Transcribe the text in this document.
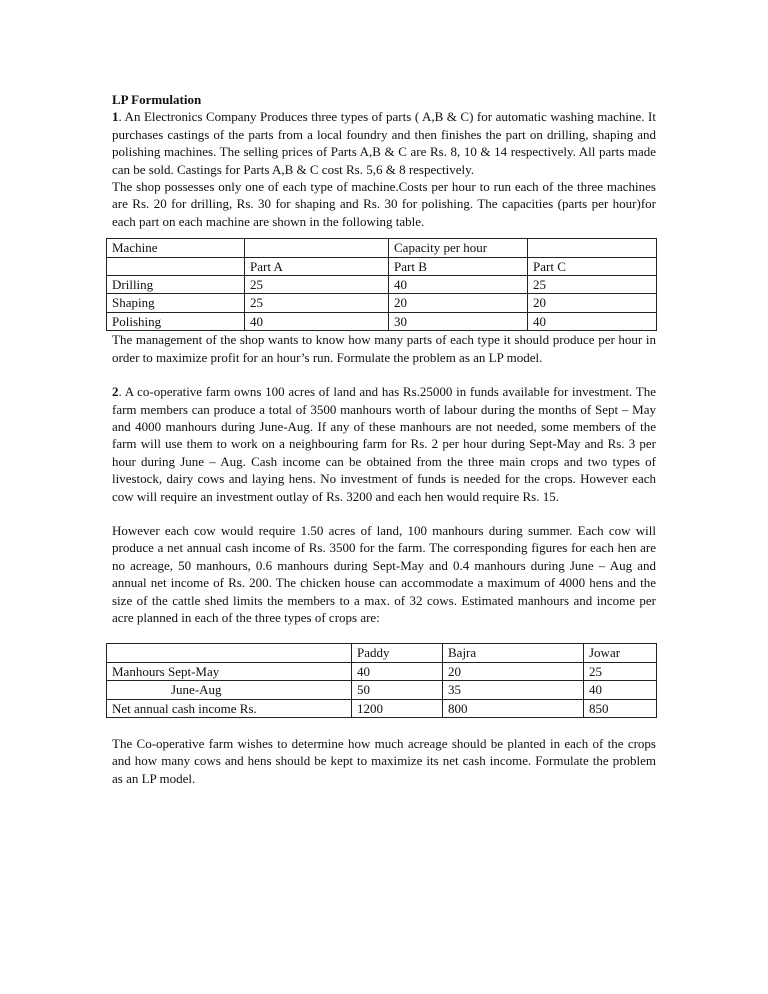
LP Formulation

1. An Electronics Company Produces three types of parts ( A,B & C) for automatic washing machine. It purchases castings of the parts from a local foundry and then finishes the part on drilling, shaping and polishing machines. The selling prices of Parts A,B & C are Rs. 8, 10 & 14 respectively. All parts made can be sold. Castings for Parts A,B & C cost Rs. 5,6 & 8 respectively.

The shop possesses only one of each type of machine.Costs per hour to run each of the three machines are Rs. 20 for drilling, Rs. 30 for shaping and Rs. 30 for polishing. The capacities (parts per hour)for each part on each machine are shown in the following table.

Machine		Capacity per hour	
	Part A	Part B	Part C
Drilling	25	40	25
Shaping	25	20	20
Polishing	40	30	40

The management of the shop wants to know how many parts of each type it should produce per hour in order to maximize profit for an hour’s run. Formulate the problem as an LP model.

2. A co-operative farm owns 100 acres of land and has Rs.25000 in funds available for investment. The farm members can produce a total of 3500 manhours worth of labour during the months of Sept – May and 4000 manhours during June-Aug. If any of these manhours are not needed, some members of the farm will use them to work on a neighbouring farm for Rs. 2 per hour during Sept-May and Rs. 3 per hour during June – Aug. Cash income can be obtained from the three main crops and two types of livestock, dairy cows and laying hens. No investment of funds is needed for the crops. However each cow will require an investment outlay of Rs. 3200 and each hen would require Rs. 15.

However each cow would require 1.50 acres of land, 100 manhours during summer. Each cow will produce a net annual cash income of Rs. 3500 for the farm. The corresponding figures for each hen are no acreage, 50 manhours, 0.6 manhours during Sept-May and 0.4 manhours during June – Aug and annual net income of Rs. 200. The chicken house can accommodate a maximum of 4000 hens and the size of the cattle shed limits the members to a max. of 32 cows. Estimated manhours and income per acre planned in each of the three types of crops are:

	Paddy	Bajra	Jowar
Manhours Sept-May	40	20	25
June-Aug	50	35	40
Net annual cash income Rs.	1200	800	850

The Co-operative farm wishes to determine how much acreage should be planted in each of the crops and how many cows and hens should be kept to maximize its net cash income. Formulate the problem as an LP model.
